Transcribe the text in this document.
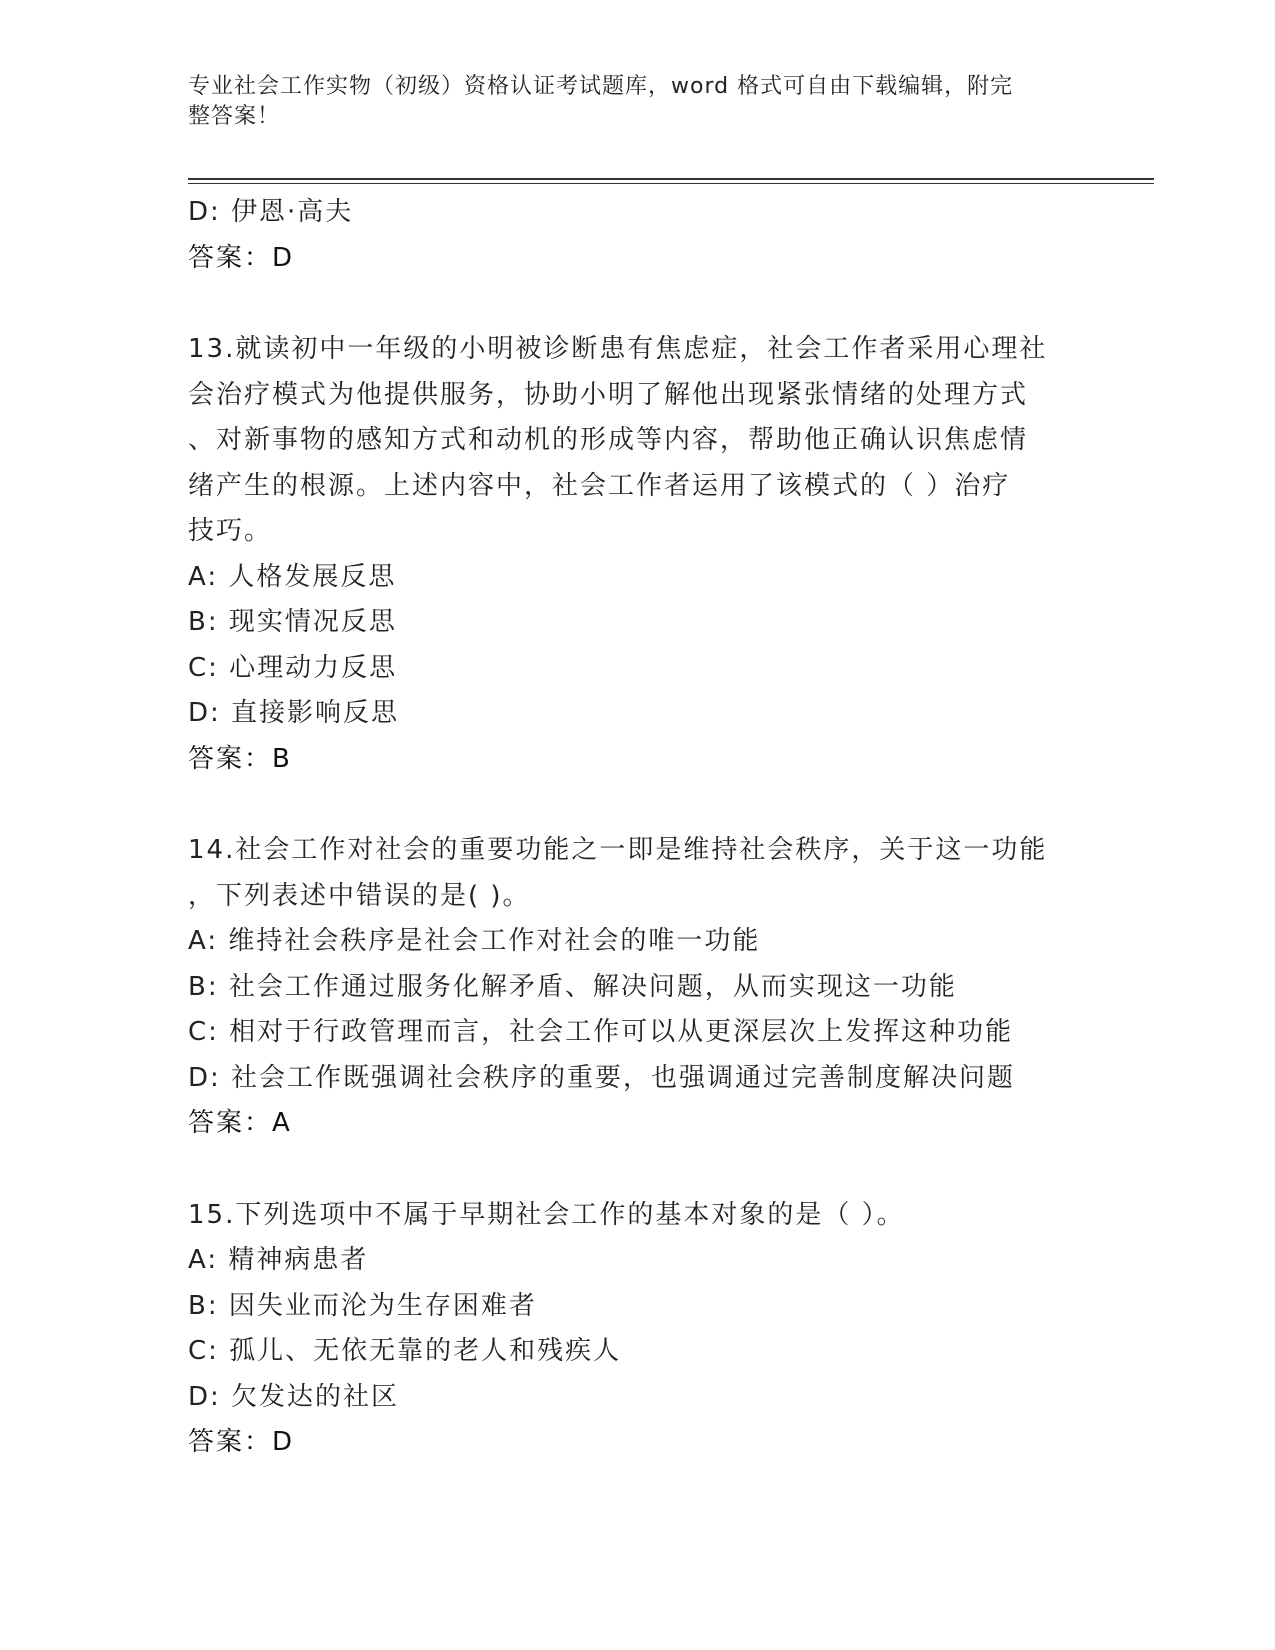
专业社会工作实物（初级）资格认证考试题库，word 格式可自由下载编辑，附完
整答案！
D: 伊恩·高夫
答案：D
13.就读初中一年级的小明被诊断患有焦虑症，社会工作者采用心理社
会治疗模式为他提供服务，协助小明了解他出现紧张情绪的处理方式
、对新事物的感知方式和动机的形成等内容，帮助他正确认识焦虑情
绪产生的根源。上述内容中，社会工作者运用了该模式的（ ）治疗
技巧。
A: 人格发展反思
B: 现实情况反思
C: 心理动力反思
D: 直接影响反思
答案：B
14.社会工作对社会的重要功能之一即是维持社会秩序，关于这一功能
，下列表述中错误的是( )。
A: 维持社会秩序是社会工作对社会的唯一功能
B: 社会工作通过服务化解矛盾、解决问题，从而实现这一功能
C: 相对于行政管理而言，社会工作可以从更深层次上发挥这种功能
D: 社会工作既强调社会秩序的重要，也强调通过完善制度解决问题
答案：A
15.下列选项中不属于早期社会工作的基本对象的是（ ）。
A: 精神病患者
B: 因失业而沦为生存困难者
C: 孤儿、无依无靠的老人和残疾人
D: 欠发达的社区
答案：D
